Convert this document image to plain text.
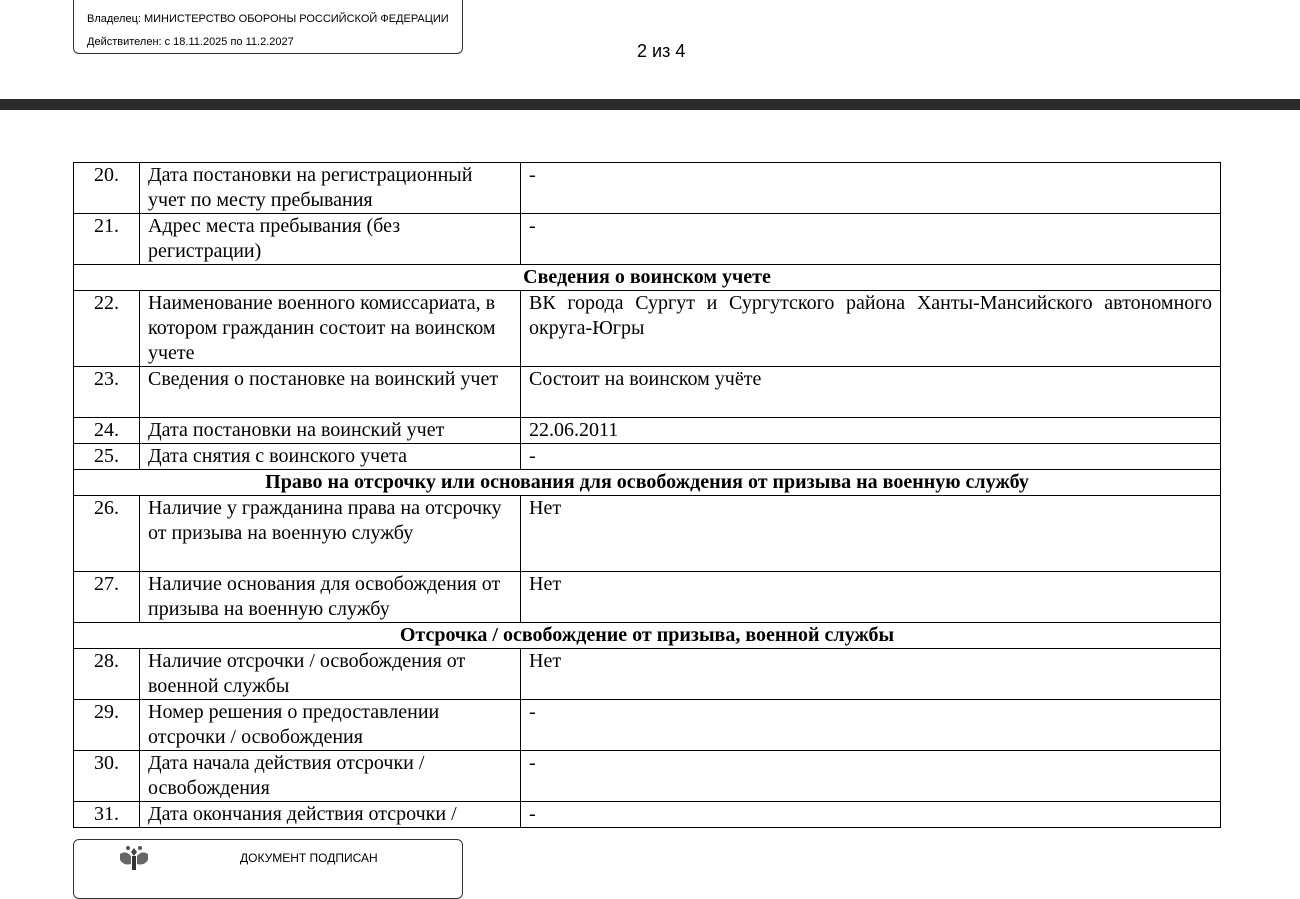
Владелец: МИНИСТЕРСТВО ОБОРОНЫ РОССИЙСКОЙ ФЕДЕРАЦИИ
Действителен: с 18.11.2025 по 11.2.2027	2 из 4
20.	Дата постановки на регистрационный учет по месту пребывания	-
21.	Адрес места пребывания (без регистрации)	-
Сведения о воинском учете		
22.	Наименование военного комиссариата, в котором гражданин состоит на воинском учете	ВК города Сургут и Сургутского района Ханты-Мансийского автономного округа-Югры
23.	Сведения о постановке на воинский учет	Состоит на воинском учёте
24.	Дата постановки на воинский учет	22.06.2011
25.	Дата снятия с воинского учета	-
Право на отсрочку или основания для освобождения от призыва на военную службу		
26.	Наличие у гражданина права на отсрочку от призыва на военную службу	Нет
27.	Наличие основания для освобождения от призыва на военную службу	Нет
Отсрочка / освобождение от призыва, военной службы		
28.	Наличие отсрочки / освобождения от военной службы	Нет
29.	Номер решения о предоставлении отсрочки / освобождения	-
30.	Дата начала действия отсрочки / освобождения	-
31.	Дата окончания действия отсрочки /	-
ДОКУМЕНТ ПОДПИСАН
